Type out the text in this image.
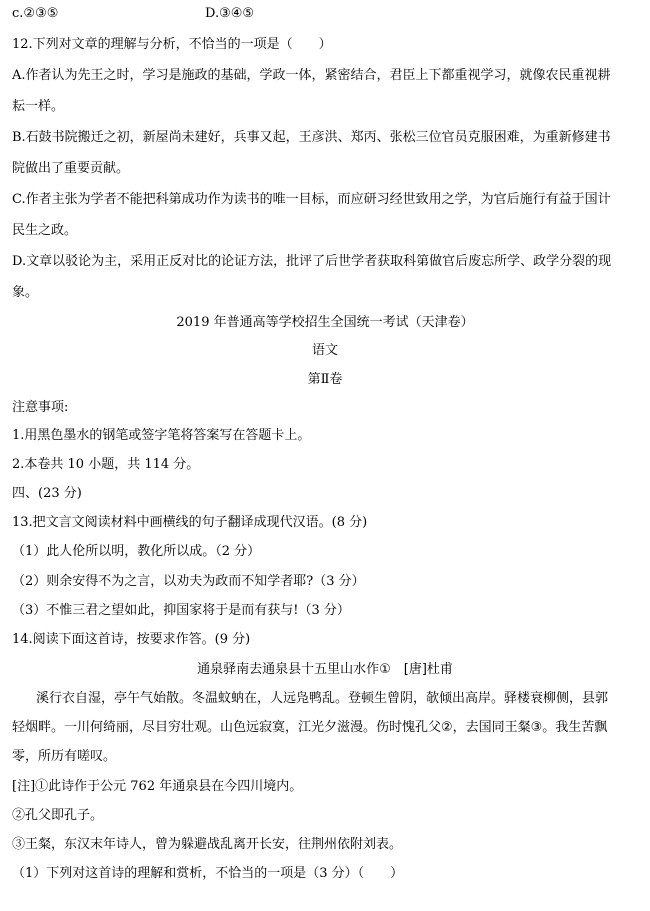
c.②③⑤	D.③④⑤
12.下列对文章的理解与分析，不恰当的一项是（　　）
A.作者认为先王之时，学习是施政的基础，学政一体，紧密结合，君臣上下都重视学习，就像农民重视耕
耘一样。
B.石鼓书院搬迁之初，新屋尚未建好，兵事又起，王彦洪、郑丙、张松三位官员克服困难，为重新修建书
院做出了重要贡献。
C.作者主张为学者不能把科第成功作为读书的唯一目标，而应研习经世致用之学，为官后施行有益于国计
民生之政。
D.文章以驳论为主，采用正反对比的论证方法，批评了后世学者获取科第做官后废忘所学、政学分裂的现
象。
2019 年普通高等学校招生全国统一考试（天津卷）
语文
第Ⅱ卷
注意事项:
1.用黑色墨水的钢笔或签字笔将答案写在答题卡上。
2.本卷共 10 小题，共 114 分。
四、(23 分)
13.把文言文阅读材料中画横线的句子翻译成现代汉语。(8 分)
（1）此人伦所以明，教化所以成。（2 分）
（2）则余安得不为之言，以劝夫为政而不知学者耶?（3 分）
（3）不惟三君之望如此，抑国家将于是而有获与!（3 分）
14.阅读下面这首诗，按要求作答。(9 分)
通泉驿南去通泉县十五里山水作①　[唐]杜甫
溪行衣自湿，亭午气始散。冬温蚊蚋在，人远凫鸭乱。登顿生曾阴，欹倾出高岸。驿楼衰柳侧，县郭
轻烟畔。一川何绮丽，尽目穷壮观。山色远寂寞，江光夕滋漫。伤时愧孔父②，去国同王粲③。我生苦飘
零，所历有嗟叹。
[注]①此诗作于公元 762 年通泉县在今四川境内。
②孔父即孔子。
③王粲，东汉末年诗人，曾为躲避战乱离开长安，往荆州依附刘表。
（1）下列对这首诗的理解和赏析，不恰当的一项是（3 分）（　　）
